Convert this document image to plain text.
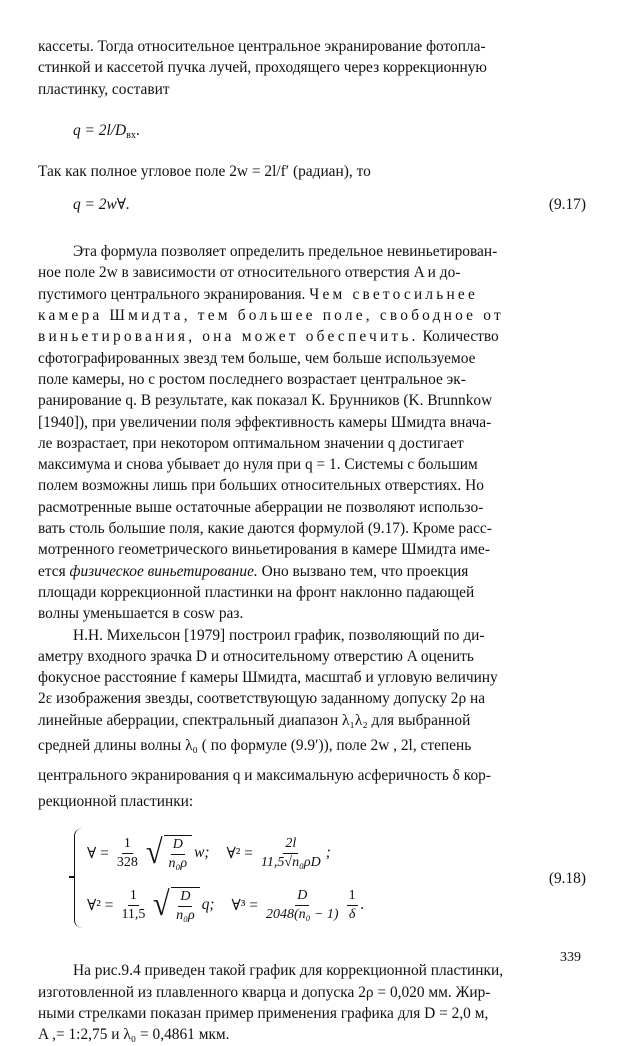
кассеты. Тогда относительное центральное экранирование фотопла-
стинкой и кассетой пучка лучей, проходящего через коррекционную
пластинку, составит

$q = 2l/D_{вх}$.

Так как полное угловое поле 2w = 2l/f′ (радиан), то

q = 2w∀.	(9.17)

Эта формула позволяет определить предельное невиньетирован-
ное поле 2w в зависимости от относительного отверстия A и до-
пустимого центрального экранирования. Чем светосильнее
камера Шмидта, тем большее поле, свободное от
виньетирования, она может обеспечить. Количество
сфотографированных звезд тем больше, чем больше используемое
поле камеры, но с ростом последнего возрастает центральное эк-
ранирование q. В результате, как показал К. Брунников (K. Brunnkow
[1940]), при увеличении поля эффективность камеры Шмидта внача-
ле возрастает, при некотором оптимальном значении q достигает
максимума и снова убывает до нуля при q = 1. Системы с большим
полем возможны лишь при больших относительных отверстиях. Но
расмотренные выше остаточные аберрации не позволяют использо-
вать столь большие поля, какие даются формулой (9.17). Кроме расс-
мотренного геометрического виньетирования в камере Шмидта име-
ется физическое виньетирование. Оно вызвано тем, что проекция
площади коррекционной пластинки на фронт наклонно падающей
волны уменьшается в cosw раз.

Н.Н. Михельсон [1979] построил график, позволяющий по ди-
аметру входного зрачка D и относительному отверстию A оценить
фокусное расстояние f камеры Шмидта, масштаб и угловую величину
2ε изображения звезды, соответствующую заданному допуску 2ρ на
линейные аберрации, спектральный диапазон λ₁λ₂ для выбранной
средней длины волны λ₀ ( по формуле (9.9′)), поле 2w , 2l, степень
центрального экранирования q и максимальную асферичность δ кор-
рекционной пластинки:

∀ = $\frac{1}{328}$ √ $\frac{D}{\text{n₀ρ}} w$; ∀² = $\frac{2l}{\text{11,5√n₀ρD}}$ ;
∀² = $\frac{1}{11,5}$ √ $\frac{D}{\text{n₀ρ}} q$; ∀³ = $\frac{D}{\text{2048(n₀ − 1)}} \frac{1}{\delta}$ .
(9.18)

На рис.9.4 приведен такой график для коррекционной пластинки,
изготовленной из плавленного кварца и допуска 2ρ = 0,020 мм. Жир-
ными стрелками показан пример применения графика для D = 2,0 м,
A ,= 1:2,75 и λ₀ = 0,4861 мкм.

339
